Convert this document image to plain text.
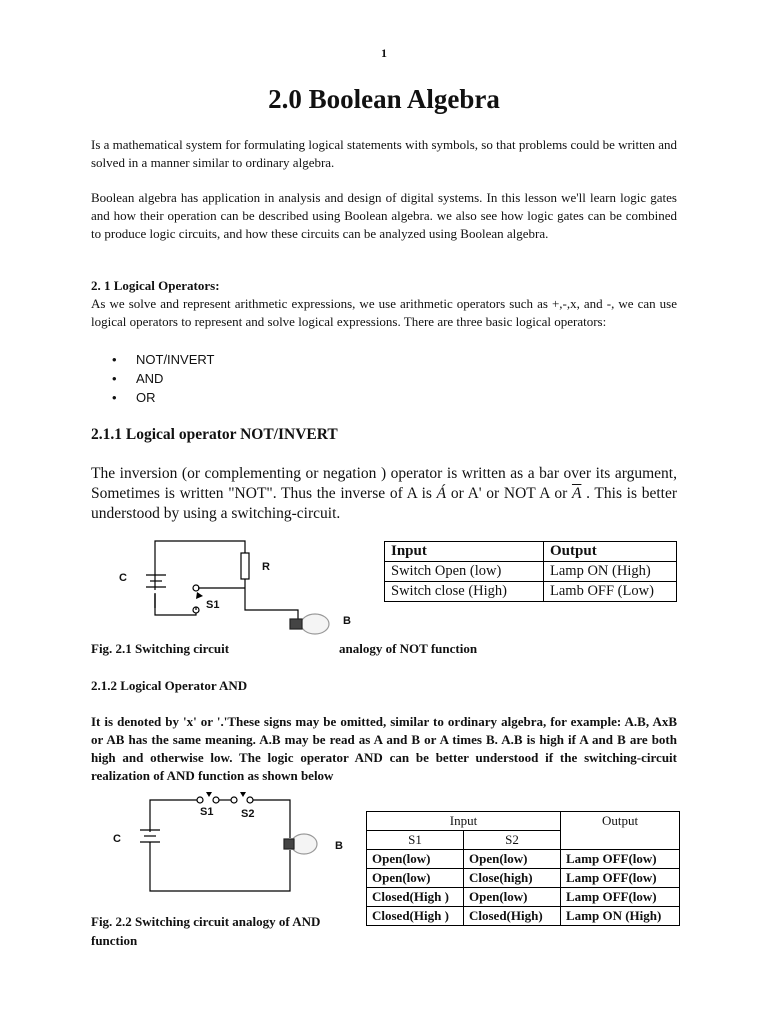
1
2.0 Boolean Algebra
Is a mathematical system for formulating logical statements with symbols, so that problems could be written and solved in a manner similar to ordinary algebra.
Boolean algebra has application in analysis and design of digital systems. In this lesson we'll learn logic gates and how their operation can be described using Boolean algebra. we also see how logic gates can be combined to produce logic circuits, and how these circuits can be analyzed using Boolean algebra.
2. 1 Logical Operators:
As we solve and represent arithmetic expressions, we use arithmetic operators such as +,-,x, and -, we can use logical operators to represent and solve logical expressions. There are three basic logical operators:
• NOT/INVERT
• AND
• OR
2.1.1 Logical operator NOT/INVERT
The inversion (or complementing or negation ) operator is written as a bar over its argument, Sometimes is written "NOT". Thus the inverse of A is Á or A' or NOT A or $\overline{A}$ . This is better understood by using a switching-circuit.
C
R
S1
B
Input	Output
Switch Open (low)	Lamp ON (High)
Switch close (High)	Lamb OFF (Low)
Fig. 2.1 Switching circuit	analogy of NOT function
2.1.2 Logical Operator AND
It is denoted by 'x' or '.'These signs may be omitted, similar to ordinary algebra, for example: A.B, AxB or AB has the same meaning. A.B may be read as A and B or A times B. A.B is high if A and B are both high and otherwise low. The logic operator AND can be better understood if the switching-circuit realization of AND function as shown below
C
S1	S2
B
Fig. 2.2 Switching circuit analogy of AND function
Input		Output
S1	S2	
Open(low)	Open(low)	Lamp OFF(low)
Open(low)	Close(high)	Lamp OFF(low)
Closed(High )	Open(low)	Lamp OFF(low)
Closed(High )	Closed(High)	Lamp ON (High)
